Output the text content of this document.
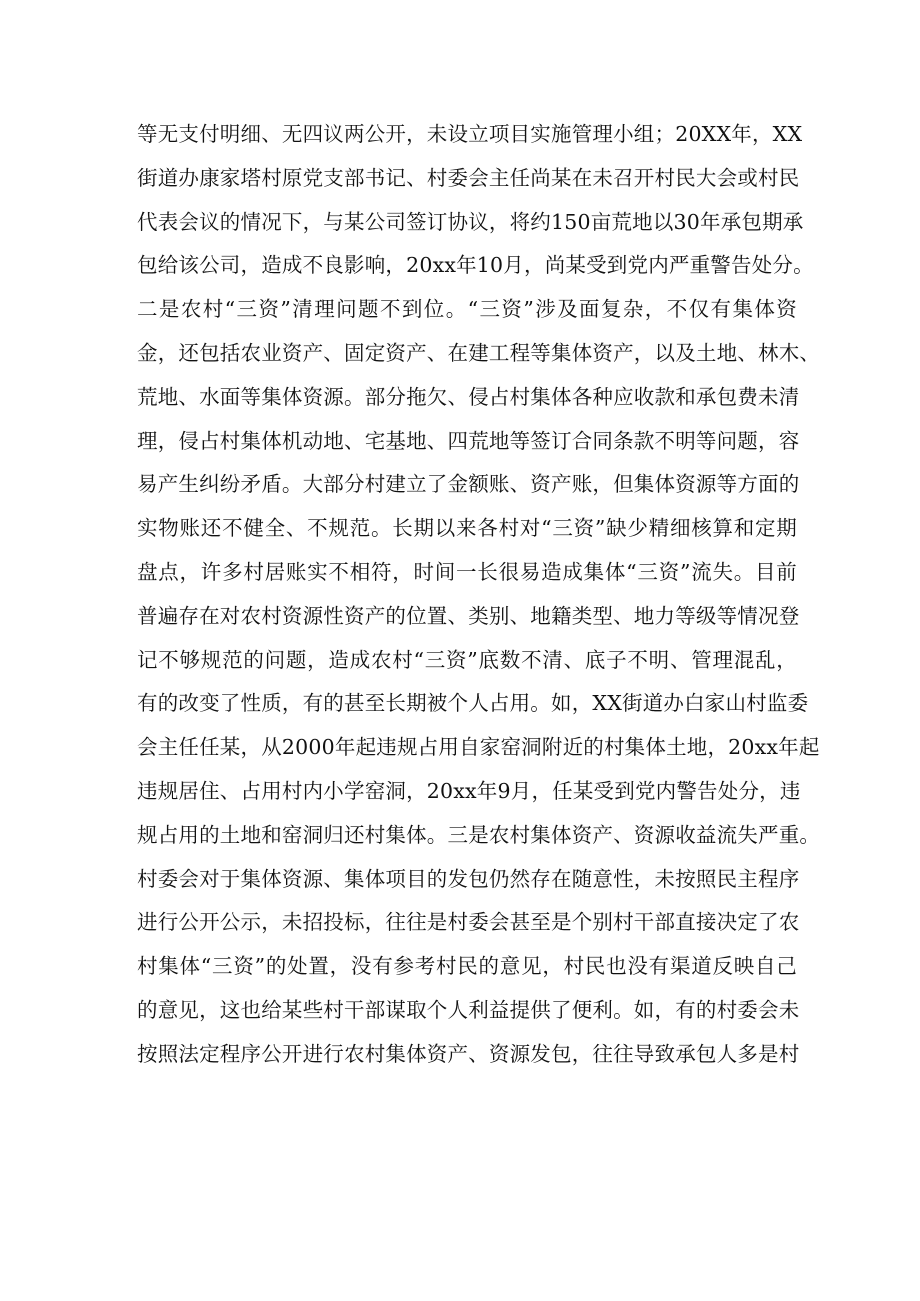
等无支付明细、无四议两公开，未设立项目实施管理小组；20XX年，XX
街道办康家塔村原党支部书记、村委会主任尚某在未召开村民大会或村民
代表会议的情况下，与某公司签订协议，将约150亩荒地以30年承包期承
包给该公司，造成不良影响，20xx年10月，尚某受到党内严重警告处分。
二是农村“三资”清理问题不到位。“三资”涉及面复杂，不仅有集体资
金，还包括农业资产、固定资产、在建工程等集体资产，以及土地、林木、
荒地、水面等集体资源。部分拖欠、侵占村集体各种应收款和承包费未清
理，侵占村集体机动地、宅基地、四荒地等签订合同条款不明等问题，容
易产生纠纷矛盾。大部分村建立了金额账、资产账，但集体资源等方面的
实物账还不健全、不规范。长期以来各村对“三资”缺少精细核算和定期
盘点，许多村居账实不相符，时间一长很易造成集体“三资”流失。目前
普遍存在对农村资源性资产的位置、类别、地籍类型、地力等级等情况登
记不够规范的问题，造成农村“三资”底数不清、底子不明、管理混乱，
有的改变了性质，有的甚至长期被个人占用。如，XX街道办白家山村监委
会主任任某，从2000年起违规占用自家窑洞附近的村集体土地，20xx年起
违规居住、占用村内小学窑洞，20xx年9月，任某受到党内警告处分，违
规占用的土地和窑洞归还村集体。三是农村集体资产、资源收益流失严重。
村委会对于集体资源、集体项目的发包仍然存在随意性，未按照民主程序
进行公开公示，未招投标，往往是村委会甚至是个别村干部直接决定了农
村集体“三资”的处置，没有参考村民的意见，村民也没有渠道反映自己
的意见，这也给某些村干部谋取个人利益提供了便利。如，有的村委会未
按照法定程序公开进行农村集体资产、资源发包，往往导致承包人多是村
